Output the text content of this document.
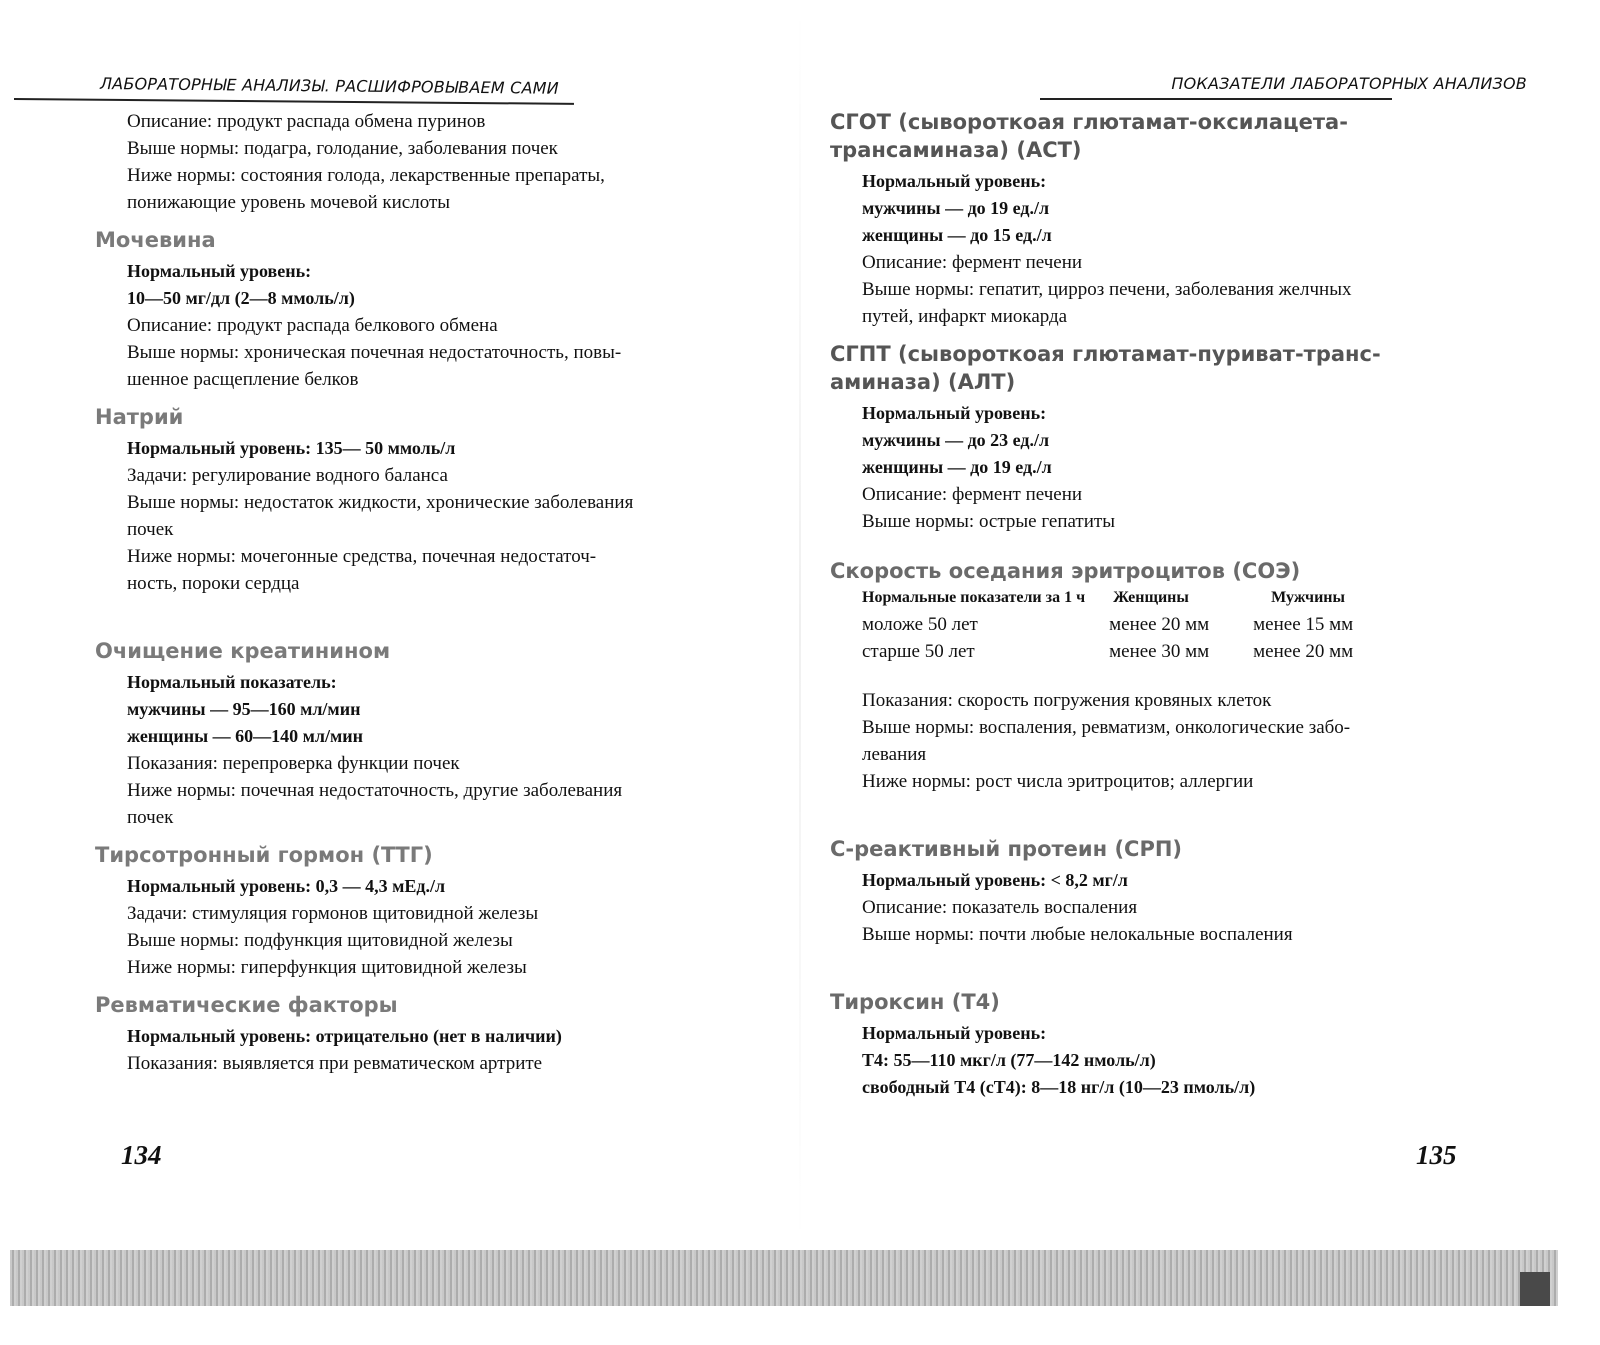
ЛАБОРАТОРНЫЕ АНАЛИЗЫ. РАСШИФРОВЫВАЕМ САМИ
Описание: продукт распада обмена пуринов
Выше нормы: подагра, голодание, заболевания почек
Ниже нормы: состояния голода, лекарственные препараты,
понижающие уровень мочевой кислоты
Мочевина
Нормальный уровень:
10—50 мг/дл (2—8 ммоль/л)
Описание: продукт распада белкового обмена
Выше нормы: хроническая почечная недостаточность, повы-
шенное расщепление белков
Натрий
Нормальный уровень: 135— 50 ммоль/л
Задачи: регулирование водного баланса
Выше нормы: недостаток жидкости, хронические заболевания
почек
Ниже нормы: мочегонные средства, почечная недостаточ-
ность, пороки сердца
Очищение креатинином
Нормальный показатель:
мужчины — 95—160 мл/мин
женщины — 60—140 мл/мин
Показания: перепроверка функции почек
Ниже нормы: почечная недостаточность, другие заболевания
почек
Тирсотронный гормон (ТТГ)
Нормальный уровень: 0,3 — 4,3 мЕд./л
Задачи: стимуляция гормонов щитовидной железы
Выше нормы: подфункция щитовидной железы
Ниже нормы: гиперфункция щитовидной железы
Ревматические факторы
Нормальный уровень: отрицательно (нет в наличии)
Показания: выявляется при ревматическом артрите
134
ПОКАЗАТЕЛИ ЛАБОРАТОРНЫХ АНАЛИЗОВ
СГОТ (сывороткоая глютамат-оксилацета-
трансаминаза) (АСТ)
Нормальный уровень:
мужчины — до 19 ед./л
женщины — до 15 ед./л
Описание: фермент печени
Выше нормы: гепатит, цирроз печени, заболевания желчных
путей, инфаркт миокарда
СГПТ (сывороткоая глютамат-пуриват-транс-
аминаза) (АЛТ)
Нормальный уровень:
мужчины — до 23 ед./л
женщины — до 19 ед./л
Описание: фермент печени
Выше нормы: острые гепатиты
Скорость оседания эритроцитов (СОЭ)
Нормальные показатели за 1 ч	Женщины	Мужчины
моложе 50 лет	менее 20 мм	менее 15 мм
старше 50 лет	менее 30 мм	менее 20 мм
Показания: скорость погружения кровяных клеток
Выше нормы: воспаления, ревматизм, онкологические забо-
левания
Ниже нормы: рост числа эритроцитов; аллергии
С-реактивный протеин (СРП)
Нормальный уровень: < 8,2 мг/л
Описание: показатель воспаления
Выше нормы: почти любые нелокальные воспаления
Тироксин (Т4)
Нормальный уровень:
Т4: 55—110 мкг/л (77—142 нмоль/л)
свободный Т4 (сТ4): 8—18 нг/л (10—23 пмоль/л)
135
